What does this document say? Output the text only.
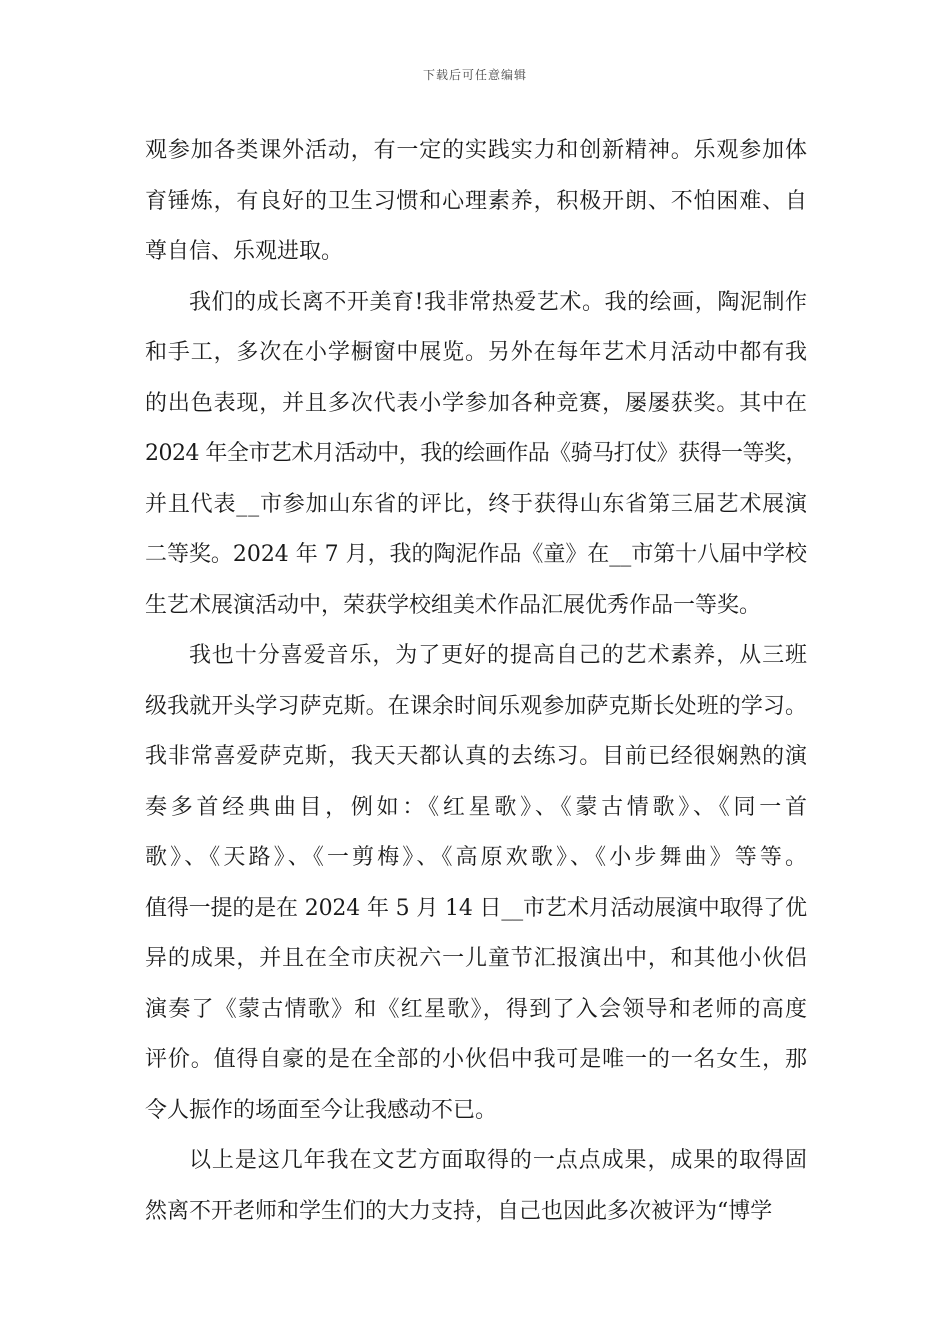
下载后可任意编辑
观参加各类课外活动，有一定的实践实力和创新精神。乐观参加体
育锤炼，有良好的卫生习惯和心理素养，积极开朗、不怕困难、自
尊自信、乐观进取。
我们的成长离不开美育!我非常热爱艺术。我的绘画，陶泥制作
和手工，多次在小学橱窗中展览。另外在每年艺术月活动中都有我
的出色表现，并且多次代表小学参加各种竞赛，屡屡获奖。其中在
2024 年全市艺术月活动中，我的绘画作品《骑马打仗》获得一等奖，
并且代表__市参加山东省的评比，终于获得山东省第三届艺术展演
二等奖。2024 年 7 月，我的陶泥作品《童》在__市第十八届中学校
生艺术展演活动中，荣获学校组美术作品汇展优秀作品一等奖。
我也十分喜爱音乐，为了更好的提高自己的艺术素养，从三班
级我就开头学习萨克斯。在课余时间乐观参加萨克斯长处班的学习。
我非常喜爱萨克斯，我天天都认真的去练习。目前已经很娴熟的演
奏多首经典曲目，例如：《红星歌》、《蒙古情歌》、《同一首
歌》、《天路》、《一剪梅》、《高原欢歌》、《小步舞曲》等等。
值得一提的是在 2024 年 5 月 14 日__市艺术月活动展演中取得了优
异的成果，并且在全市庆祝六一儿童节汇报演出中，和其他小伙侣
演奏了《蒙古情歌》和《红星歌》，得到了入会领导和老师的高度
评价。值得自豪的是在全部的小伙侣中我可是唯一的一名女生，那
令人振作的场面至今让我感动不已。
以上是这几年我在文艺方面取得的一点点成果，成果的取得固
然离不开老师和学生们的大力支持，自己也因此多次被评为“博学
